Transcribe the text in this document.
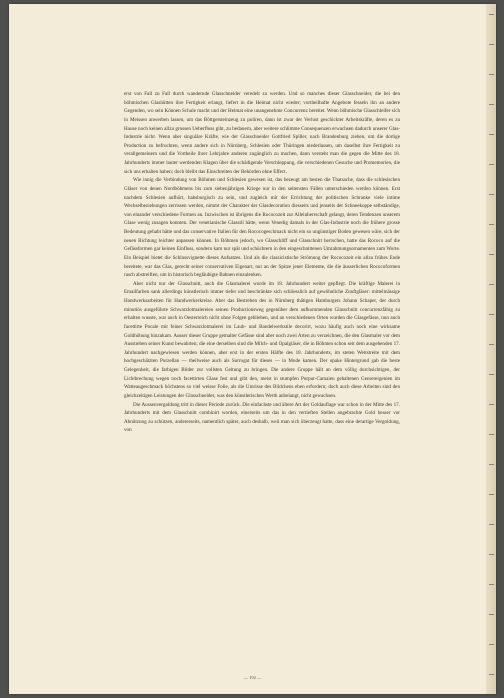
erst von Fall zu Fall durch wandernde Glasschneider veredelt zu werden. Und so manches dieser Glasschneider, die bei den böhmischen Glashütten ihre Fertigkeit erlangt, liefert in die Heimat nicht wieder; vortheilhafte Angebote fesseln ihn an andere Gegenden, wo sein Können Schule macht und der Heimat eine unangenehme Concurrenz bereitet. Wenn böhmische Glasschleifer sich in Meissen anwerben lassen, um das Böttgersteinzeug zu poliren, dann ist zwar der Verlust geschickter Arbeitskräfte, deren es zu Hause noch keinen allzu grossen Ueberfluss gibt, zu bedauern, aber weitere schlimme Consequenzen erwachsen dadurch unserer Glas-Industrie nicht. Wenn aber singuläre Kräfte, wie der Glasschneider Gottfried Spiller, nach Brandenburg ziehen, um die dortige Production zu befruchten, wenn andere sich in Nürnberg, Schlesien oder Thüringen niederlassen, um daselbst ihre Fertigkeit zu verallgemeinern und die Vortheile ihrer Lehrjahre anderen zugänglich zu machen, dann versteht man die gegen die Mitte des 18. Jahrhunderts immer lauter werdenden Klagen über die schädigende Verschleppung, die verschiedenen Gesuche und Promemorien, die sich uns erhalten haben; doch bleibt das Einschreiten der Behörden ohne Effect.

Wie innig die Verbindung von Böhmen und Schlesien gewesen ist, das bezeugt am besten die Thatsache, dass die schlesischen Gläser von denen Nordböhmens bis zum siebenjährigen Kriege nur in den seltensten Fällen unterschieden werden können. Erst nachdem Schlesien aufhört, habsburgisch zu sein, und zugleich mit der Errichtung der politischen Schranke viele intime Wechselbeziehungen zerrissen werden, nimmt der Charakter der Glasdecoration diesseits und jenseits der Schneekoppe selbständige, von einander verschiedene Formen an. Inzwischen ist übrigens die Rococozeit zur Alleinherrschaft gelangt, deren Tendenzen unserem Glase wenig zusagen konnten. Der venetianische Glasstil hätte, wenn Venedig damals in der Glas-Industrie noch die frühere grosse Bedeutung gehabt hätte und das conservative Italien für den Rococogeschmack nicht ein so ungünstiger Boden gewesen wäre, sich der neuen Richtung leichter anpassen können. In Böhmen jedoch, wo Glasschliff und Glasschnitt herrschen, hatte das Rococo auf die Gefässformen gar keinen Einfluss, sondern kam nur spät und schüchtern in den eingeschnittenen Umrahmungsornamenten zum Worte. Ein Beispiel bietet die Schlussvignette dieses Aufsatzes. Und als die classicistische Strömung der Rococozeit ein allzu frühes Ende bereitete, war das Glas, gerecht seiner conservativen Eigenart, nur an der Spitze jener Elemente, die die äusserlichen Rococoformen rasch abstreiften, um in historisch begläubigte Bahnen einzulenken.

Aber nicht nur der Glasschnitt, auch die Glasmalerei wurde im 18. Jahrhundert weiter gepflegt. Die kräftige Malerei in Emailfarben sank allerdings künstlerisch immer tiefer und beschränkte sich schliesslich auf gewöhnliche Zunftgläser: mittelmässige Handwerksarbeiten für Handwerkerkreise. Aber das Bestreben des in Nürnberg thätigen Hamburgers Johann Schaper, der durch minutiös ausgeführte Schwarzlotmalereien seinen Productionsweg gegenüber dem aufkommenden Glasschnitt concurrenzfähig zu erhalten wusste, war auch in Oesterreich nicht ohne Folgen geblieben, und an verschiedenen Orten wurden die Glasgefässe, nun auch facettirte Pocale mit feiner Schwarzlotmalerei im Laub- und Bandelwerkstile decorirt, wozu häufig auch noch eine wirksame Goldhöhung hinzukam. Ausser dieser Gruppe gemalter Gefässe sind aber noch zwei Arten zu verzeichnen, die den Glasmaler vor dem Ausstreben seiner Kunst bewahrten; die eine derselben sind die Milch- und Opalgläser, die in Böhmen schon seit dem ausgehenden 17. Jahrhundert nachgewiesen werden können, aber erst in der ersten Hälfte des 18. Jahrhunderts, im steten Wettstreite mit dem hochgeschätzten Porzellan — theilweise auch als Surrogat für dieses — in Mode kamen. Der opake Hintergrund gab die beste Gelegenheit, die farbigen Bilder zur vollsten Geltung zu bringen. Die andere Gruppe hält an dem völlig durchsichtigen, der Lichtbrechung wegen noch facettirten Glase fest und gibt den, meist in stumpfen Purpur-Camaieu gehaltenen Genrereigenien im Watteaugeschmack höchstens so viel weisse Folie, als die Umrisse des Bildchens eben erfordern; doch auch diese Arbeiten sind den gleichzeitigen Leistungen der Glasschneider, was den künstlerischen Werth anbelangt, nicht gewachsen.

Die Aussenvergoldung tritt in dieser Periode zurück. Die einfachste und ältere Art der Goldauflage war schon in der Mitte des 17. Jahrhunderts mit dem Glasschnitt combinirt worden, einerseits um das in den vertieften Stellen angebrachte Gold besser vor Abnützung zu schützen, andererseits, namentlich später, auch deshalb, weil man sich überzeugt hatte, dass eine derartige Vergoldung, von

— 192 —
